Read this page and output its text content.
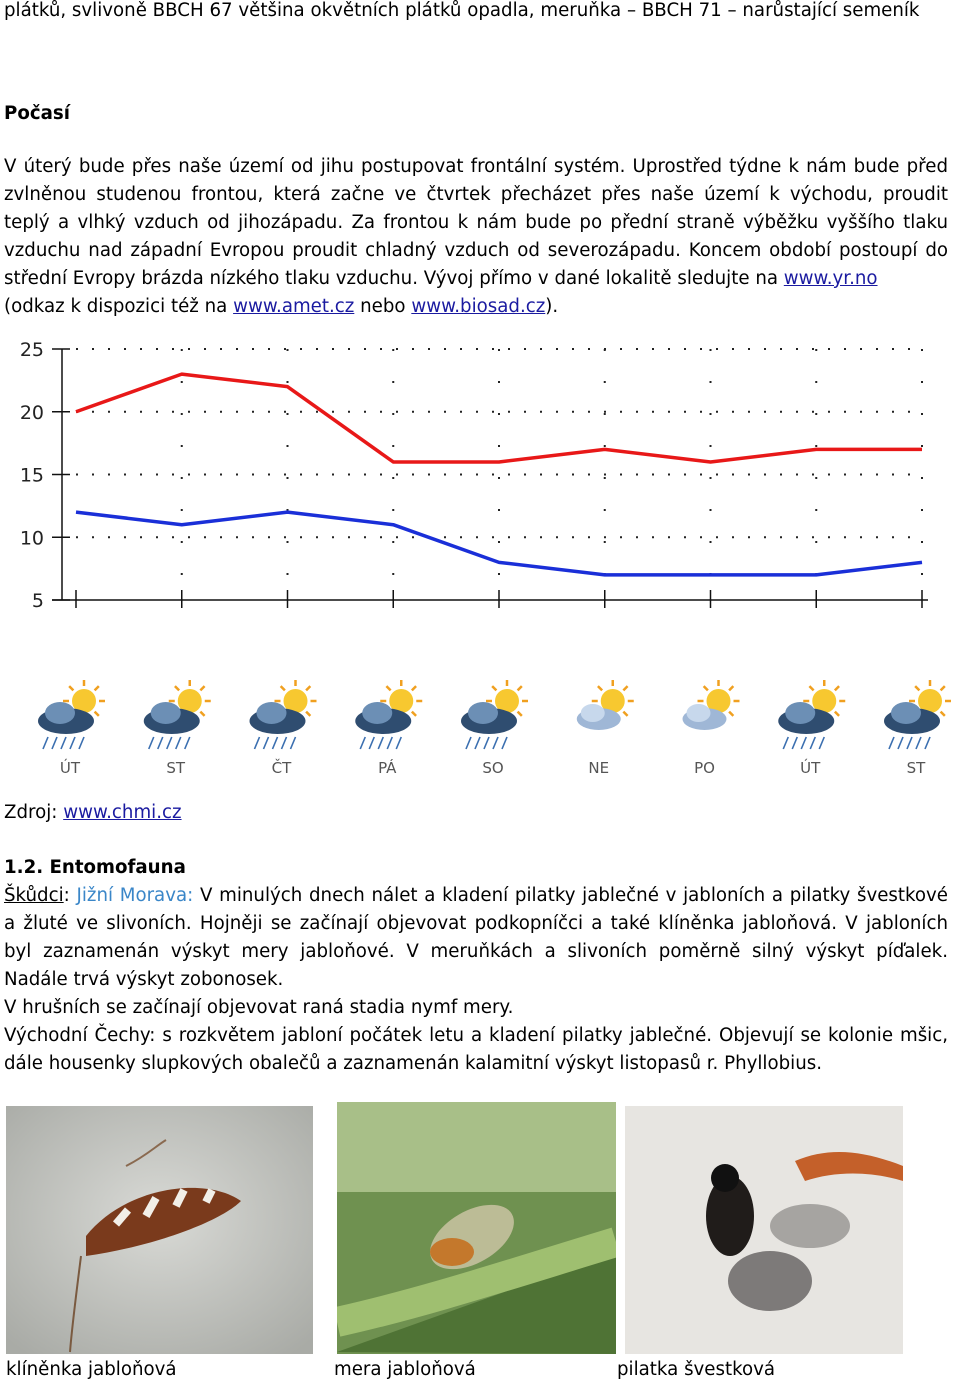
plátků, svlivoně BBCH 67 většina okvětních plátků opadla, meruňka – BBCH 71 – narůstající semeník
Počasí
V úterý bude přes naše území od jihu postupovat frontální systém. Uprostřed týdne k nám bude před
zvlněnou studenou frontou, která začne ve čtvrtek přecházet přes naše území k východu, proudit
teplý a vlhký vzduch od jihozápadu. Za frontou k nám bude po přední straně výběžku vyššího tlaku
vzduchu nad západní Evropou proudit chladný vzduch od severozápadu. Koncem období postoupí do
střední Evropy brázda nízkého tlaku vzduchu. Vývoj přímo v dané lokalitě sledujte na www.yr.no
(odkaz k dispozici též na www.amet.cz nebo www.biosad.cz).
5
10
15
20
25
ÚT	ST	ČT	PÁ	SO	NE	PO	ÚT	ST
Zdroj: www.chmi.cz
1.2. Entomofauna
Škůdci: Jižní Morava: V minulých dnech nálet a kladení pilatky jablečné v jabloních a pilatky švestkové
a žluté ve slivoních. Hojněji se začínají objevovat podkopníčci a také klíněnka jabloňová. V jabloních
byl zaznamenán výskyt mery jabloňové. V meruňkách a slivoních poměrně silný výskyt píďalek.
Nadále trvá výskyt zobonosek.
V hrušních se začínají objevovat raná stadia nymf mery.
Východní Čechy: s rozkvětem jabloní počátek letu a kladení pilatky jablečné. Objevují se kolonie mšic,
dále housenky slupkových obalečů a zaznamenán kalamitní výskyt listopasů r. Phyllobius.
klíněnka jabloňová	mera jabloňová	pilatka švestková
